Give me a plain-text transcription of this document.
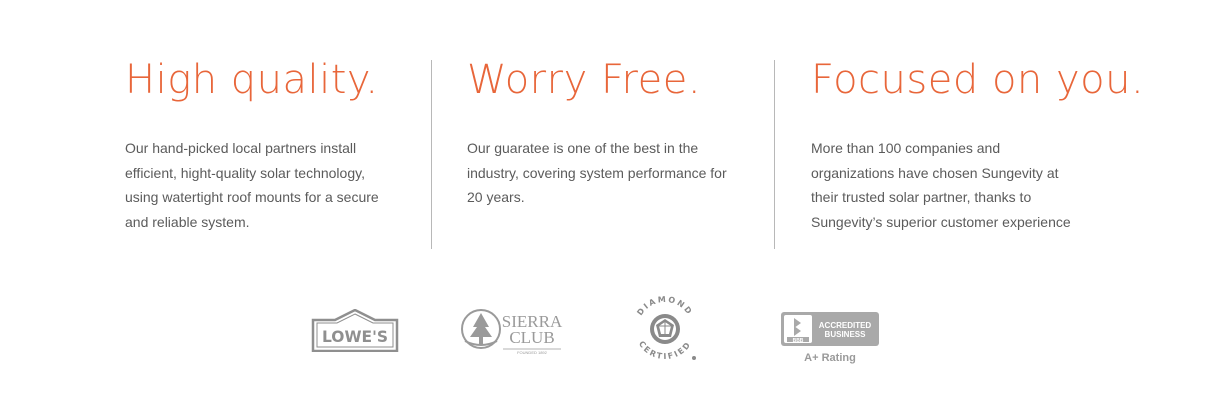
High quality.

Our hand-picked local partners install
efficient, hight-quality solar technology,
using watertight roof mounts for a secure
and reliable system.

Worry Free.

Our guaratee is one of the best in the
industry, covering system performance for
20 years.

Focused on you.

More than 100 companies and
organizations have chosen Sungevity at
their trusted solar partner, thanks to
Sungevity’s superior customer experience

LOWE'S
SIERRA
CLUB
FOUNDED 1892
DIAMOND
CERTIFIED	BBB
ACCREDITED
BUSINESS
A+ Rating
